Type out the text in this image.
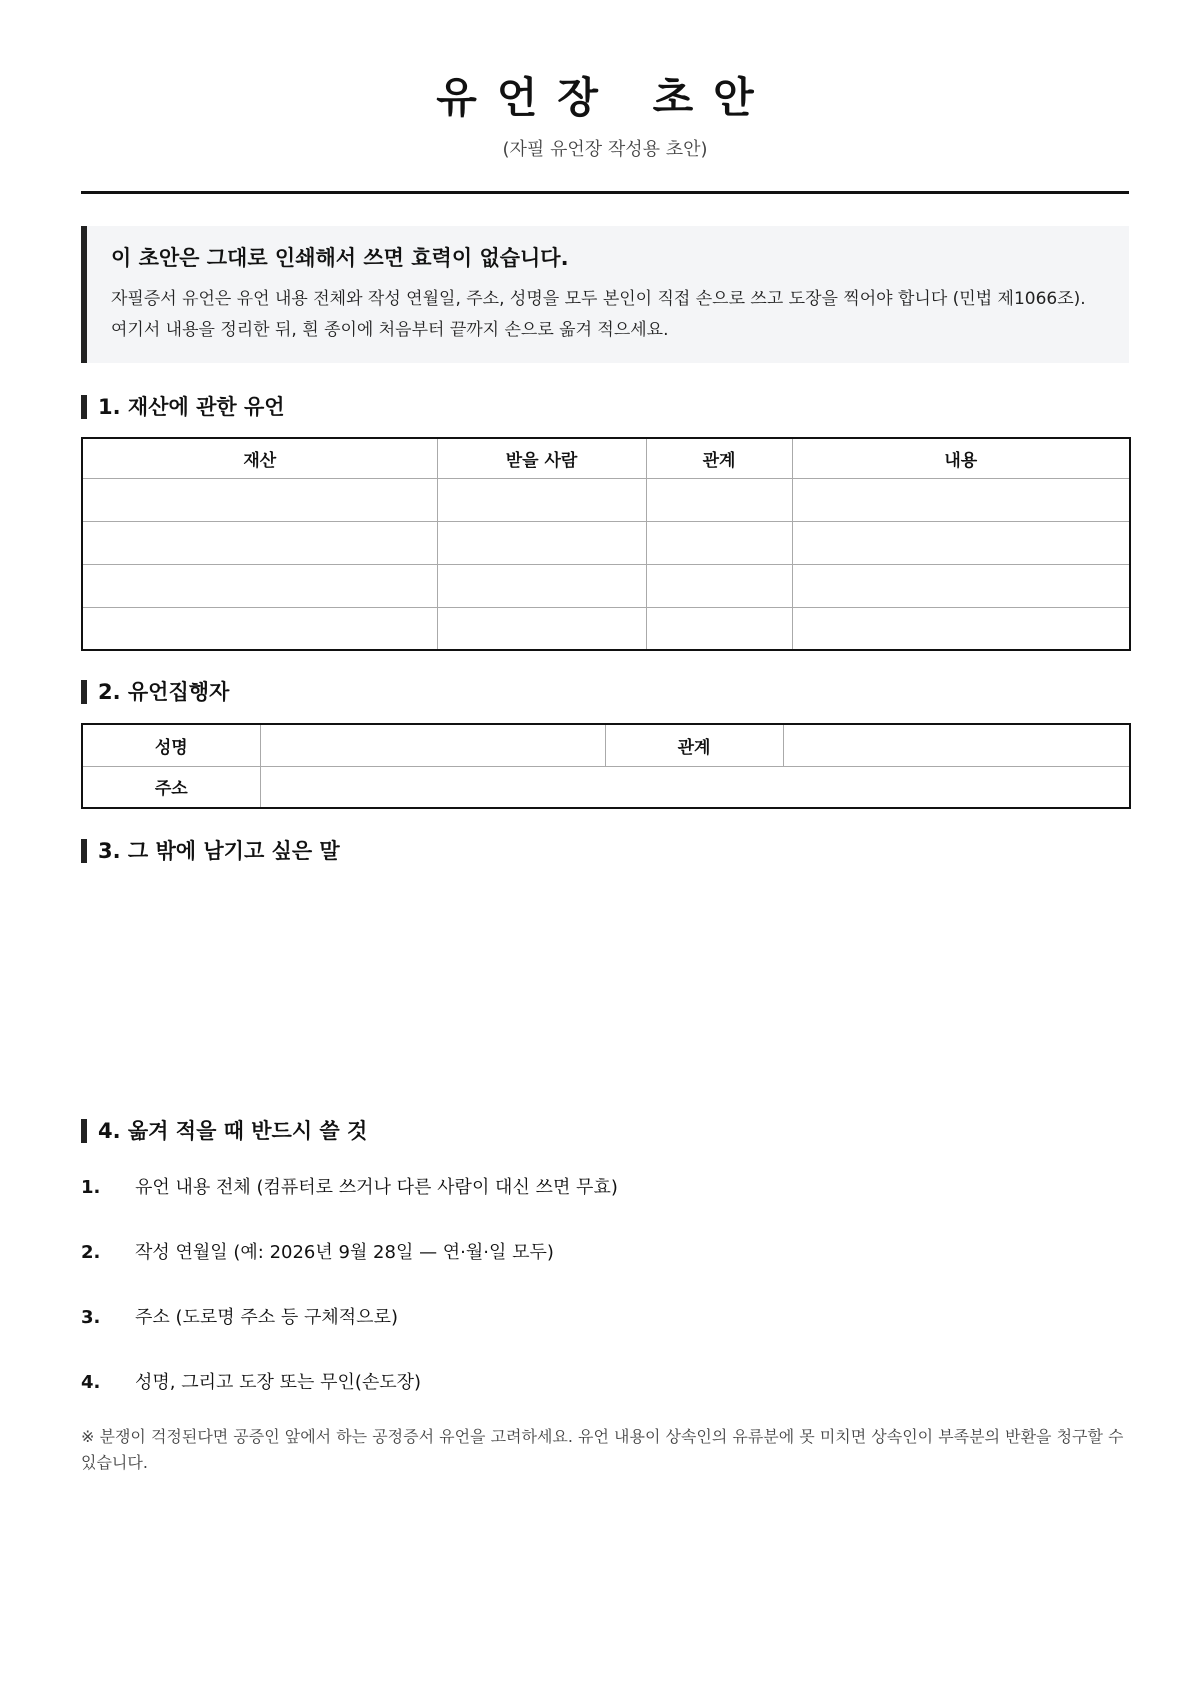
유언장 초안
(자필 유언장 작성용 초안)
이 초안은 그대로 인쇄해서 쓰면 효력이 없습니다.
자필증서 유언은 유언 내용 전체와 작성 연월일, 주소, 성명을 모두 본인이 직접 손으로 쓰고 도장을 찍어야 합니다 (민법 제1066조).
여기서 내용을 정리한 뒤, 흰 종이에 처음부터 끝까지 손으로 옮겨 적으세요.
1. 재산에 관한 유언
재산	받을 사람	관계	내용

2. 유언집행자
성명		관계	
주소			
3. 그 밖에 남기고 싶은 말
4. 옮겨 적을 때 반드시 쓸 것
1. 유언 내용 전체 (컴퓨터로 쓰거나 다른 사람이 대신 쓰면 무효)
2. 작성 연월일 (예: 2026년 9월 28일 — 연·월·일 모두)
3. 주소 (도로명 주소 등 구체적으로)
4. 성명, 그리고 도장 또는 무인(손도장)
※ 분쟁이 걱정된다면 공증인 앞에서 하는 공정증서 유언을 고려하세요. 유언 내용이 상속인의 유류분에 못 미치면 상속인이 부족분의 반환을 청구할 수 있습니다.
